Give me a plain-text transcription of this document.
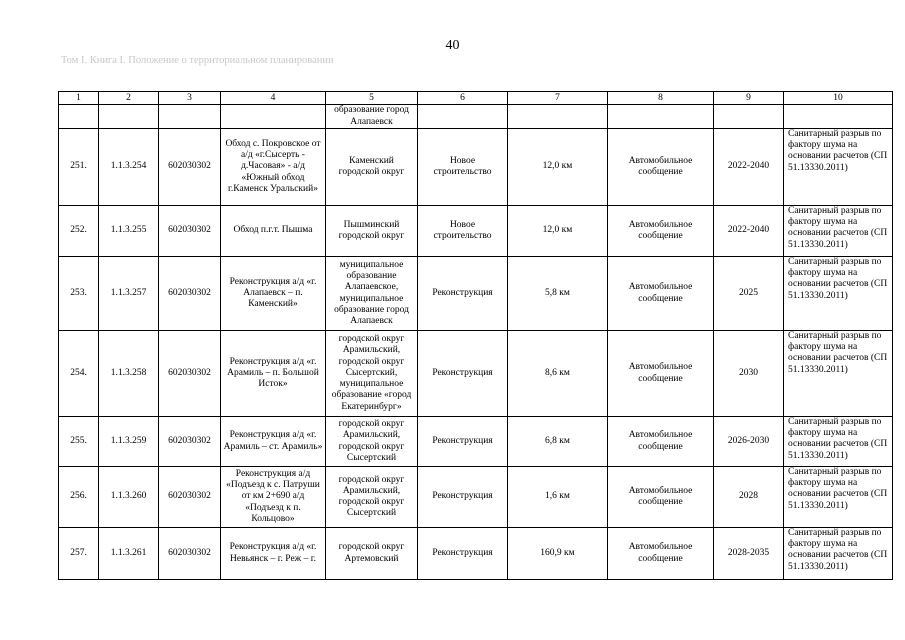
40
Том I. Книга I. Положение о территориальном планировании
1	2	3	4	5	6	7	8	9	10
				образование город Алапаевск					
251.	1.1.3.254	602030302	Обход с. Покровское от а/д «г.Сысерть - д.Часовая» - а/д «Южный обход г.Каменск Уральский»	Каменский городской округ	Новое строительство	12,0 км	Автомобильное сообщение	2022-2040	Санитарный разрыв по фактору шума на основании расчетов (СП 51.13330.2011)
252.	1.1.3.255	602030302	Обход п.г.т. Пышма	Пышминский городской округ	Новое строительство	12,0 км	Автомобильное сообщение	2022-2040	Санитарный разрыв по фактору шума на основании расчетов (СП 51.13330.2011)
253.	1.1.3.257	602030302	Реконструкция а/д «г. Алапаевск – п. Каменский»	муниципальное образование Алапаевское, муниципальное образование город Алапаевск	Реконструкция	5,8 км	Автомобильное сообщение	2025	Санитарный разрыв по фактору шума на основании расчетов (СП 51.13330.2011)
254.	1.1.3.258	602030302	Реконструкция а/д «г. Арамиль – п. Большой Исток»	городской округ Арамильский, городской округ Сысертский, муниципальное образование «город Екатеринбург»	Реконструкция	8,6 км	Автомобильное сообщение	2030	Санитарный разрыв по фактору шума на основании расчетов (СП 51.13330.2011)
255.	1.1.3.259	602030302	Реконструкция а/д «г. Арамиль – ст. Арамиль»	городской округ Арамильский, городской округ Сысертский	Реконструкция	6,8 км	Автомобильное сообщение	2026-2030	Санитарный разрыв по фактору шума на основании расчетов (СП 51.13330.2011)
256.	1.1.3.260	602030302	Реконструкция а/д «Подъезд к с. Патруши от км 2+690 а/д «Подъезд к п. Кольцово»	городской округ Арамильский, городской округ Сысертский	Реконструкция	1,6 км	Автомобильное сообщение	2028	Санитарный разрыв по фактору шума на основании расчетов (СП 51.13330.2011)
257.	1.1.3.261	602030302	Реконструкция а/д «г. Невьянск – г. Реж – г.	городской округ Артемовский	Реконструкция	160,9 км	Автомобильное сообщение	2028-2035	Санитарный разрыв по фактору шума на основании расчетов (СП 51.13330.2011)
